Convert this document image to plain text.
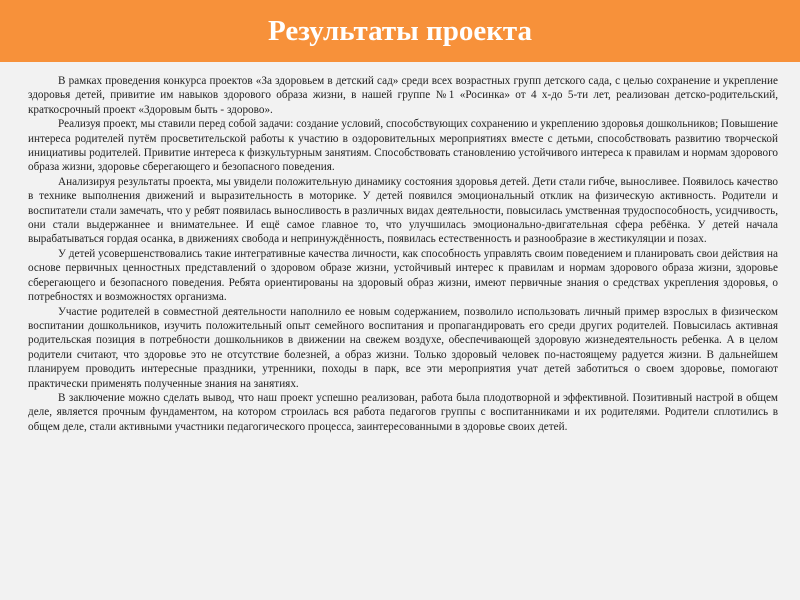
Результаты проекта

В рамках проведения конкурса проектов «За здоровьем в детский сад» среди всех возрастных групп детского сада, с целью сохранение и укрепление здоровья детей, привитие им навыков здорового образа жизни, в нашей группе №1 «Росинка» от 4 х-до 5-ти лет, реализован детско-родительский, краткосрочный проект «Здоровым быть - здорово».

Реализуя проект, мы ставили перед собой задачи: создание условий, способствующих сохранению и укреплению здоровья дошкольников; Повышение интереса родителей путём просветительской работы к участию в оздоровительных мероприятиях вместе с детьми, способствовать развитию творческой инициативы родителей. Привитие интереса к физкультурным занятиям. Способствовать становлению устойчивого интереса к правилам и нормам здорового образа жизни, здоровье сберегающего и безопасного поведения.

Анализируя результаты проекта, мы увидели положительную динамику состояния здоровья детей. Дети стали гибче, выносливее. Появилось качество в технике выполнения движений и выразительность в моторике. У детей появился эмоциональный отклик на физическую активность. Родители и воспитатели стали замечать, что у ребят появилась выносливость в различных видах деятельности, повысилась умственная трудоспособность, усидчивость, они стали выдержаннее и внимательнее. И ещё самое главное то, что улучшилась эмоционально-двигательная сфера ребёнка. У детей начала вырабатываться гордая осанка, в движениях свобода и непринуждённость, появилась естественность и разнообразие в жестикуляции и позах.

У детей усовершенствовались такие интегративные качества личности, как способность управлять своим поведением и планировать свои действия на основе первичных ценностных представлений о здоровом образе жизни, устойчивый интерес к правилам и нормам здорового образа жизни, здоровье сберегающего и безопасного поведения. Ребята ориентированы на здоровый образ жизни, имеют первичные знания о средствах укрепления здоровья, о потребностях и возможностях организма.

Участие родителей в совместной деятельности наполнило ее новым содержанием, позволило использовать личный пример взрослых в физическом воспитании дошкольников, изучить положительный опыт семейного воспитания и пропагандировать его среди других родителей. Повысилась активная родительская позиция в потребности дошкольников в движении на свежем воздухе, обеспечивающей здоровую жизнедеятельность ребенка. А в целом родители считают, что здоровье это не отсутствие болезней, а образ жизни. Только здоровый человек по-настоящему радуется жизни. В дальнейшем планируем проводить интересные праздники, утренники, походы в парк, все эти мероприятия учат детей заботиться о своем здоровье, помогают практически применять полученные знания на занятиях.

В заключение можно сделать вывод, что наш проект успешно реализован, работа была плодотворной и эффективной. Позитивный настрой в общем деле, является прочным фундаментом, на котором строилась вся работа педагогов группы с воспитанниками и их родителями. Родители сплотились в общем деле, стали активными участники педагогического процесса, заинтересованными в здоровье своих детей.
